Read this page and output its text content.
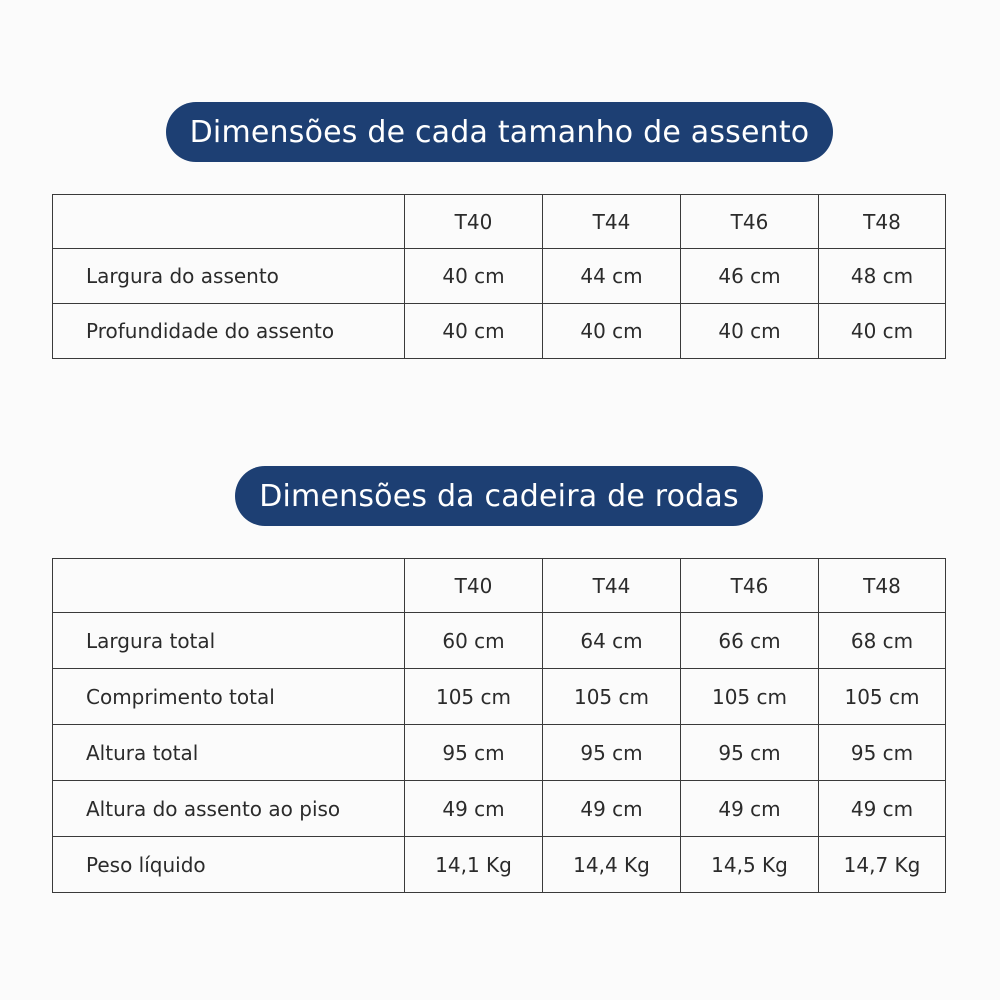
Dimensões de cada tamanho de assento
	T40	T44	T46	T48
Largura do assento	40 cm	44 cm	46 cm	48 cm
Profundidade do assento	40 cm	40 cm	40 cm	40 cm
Dimensões da cadeira de rodas
	T40	T44	T46	T48
Largura total	60 cm	64 cm	66 cm	68 cm
Comprimento total	105 cm	105 cm	105 cm	105 cm
Altura total	95 cm	95 cm	95 cm	95 cm
Altura do assento ao piso	49 cm	49 cm	49 cm	49 cm
Peso líquido	14,1 Kg	14,4 Kg	14,5 Kg	14,7 Kg
